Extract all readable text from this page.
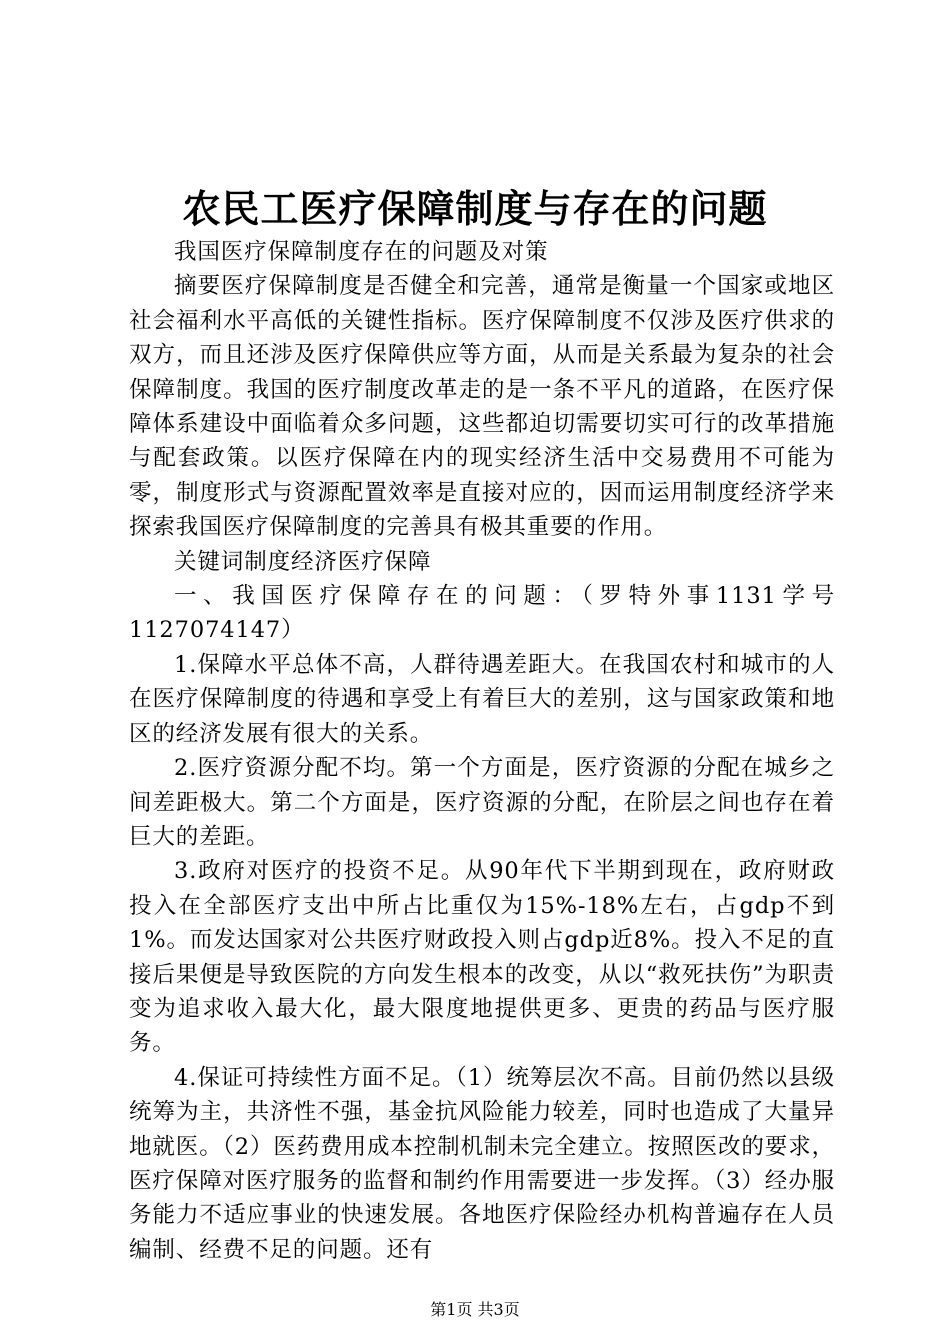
农民工医疗保障制度与存在的问题

我国医疗保障制度存在的问题及对策

摘要医疗保障制度是否健全和完善，通常是衡量一个国家或地区社会福利水平高低的关键性指标。医疗保障制度不仅涉及医疗供求的双方，而且还涉及医疗保障供应等方面，从而是关系最为复杂的社会保障制度。我国的医疗制度改革走的是一条不平凡的道路，在医疗保障体系建设中面临着众多问题，这些都迫切需要切实可行的改革措施与配套政策。以医疗保障在内的现实经济生活中交易费用不可能为零，制度形式与资源配置效率是直接对应的，因而运用制度经济学来探索我国医疗保障制度的完善具有极其重要的作用。

关键词制度经济医疗保障

一、我国医疗保障存在的问题：（罗特外事1131学号1127074147）

1.保障水平总体不高，人群待遇差距大。在我国农村和城市的人在医疗保障制度的待遇和享受上有着巨大的差别，这与国家政策和地区的经济发展有很大的关系。

2.医疗资源分配不均。第一个方面是，医疗资源的分配在城乡之间差距极大。第二个方面是，医疗资源的分配，在阶层之间也存在着巨大的差距。

3.政府对医疗的投资不足。从90年代下半期到现在，政府财政投入在全部医疗支出中所占比重仅为15%-18%左右，占gdp不到1%。而发达国家对公共医疗财政投入则占gdp近8%。投入不足的直接后果便是导致医院的方向发生根本的改变，从以“救死扶伤”为职责变为追求收入最大化，最大限度地提供更多、更贵的药品与医疗服务。

4.保证可持续性方面不足。（1）统筹层次不高。目前仍然以县级统筹为主，共济性不强，基金抗风险能力较差，同时也造成了大量异地就医。（2）医药费用成本控制机制未完全建立。按照医改的要求，医疗保障对医疗服务的监督和制约作用需要进一步发挥。（3）经办服务能力不适应事业的快速发展。各地医疗保险经办机构普遍存在人员编制、经费不足的问题。还有

第1页 共3页
